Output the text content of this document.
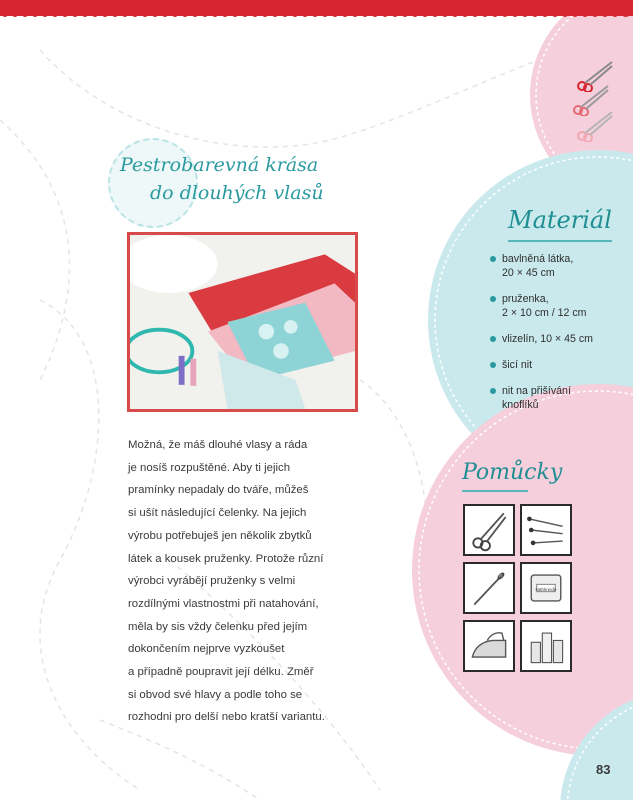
Pestrobarevná krása
do dlouhých vlasů
Možná, že máš dlouhé vlasy a ráda
je nosíš rozpuštěné. Aby ti jejich
pramínky nepadaly do tváře, můžeš
si ušít následující čelenky. Na jejich
výrobu potřebuješ jen několik zbytků
látek a kousek pruženky. Protože různí
výrobci vyrábějí pruženky s velmi
rozdílnými vlastnostmi při natahování,
měla by sis vždy čelenku před jejím
dokončením nejprve vyzkoušet
a případně poupravit její délku. Změř
si obvod své hlavy a podle toho se
rozhodni pro delší nebo kratší variantu.
Materiál
bavlněná látka,
20 × 45 cm
pruženka,
2 × 10 cm / 12 cm
vlizelín, 10 × 45 cm
šicí nit
nit na přišívání
knoflíků
Pomůcky
Nähkreide
83
